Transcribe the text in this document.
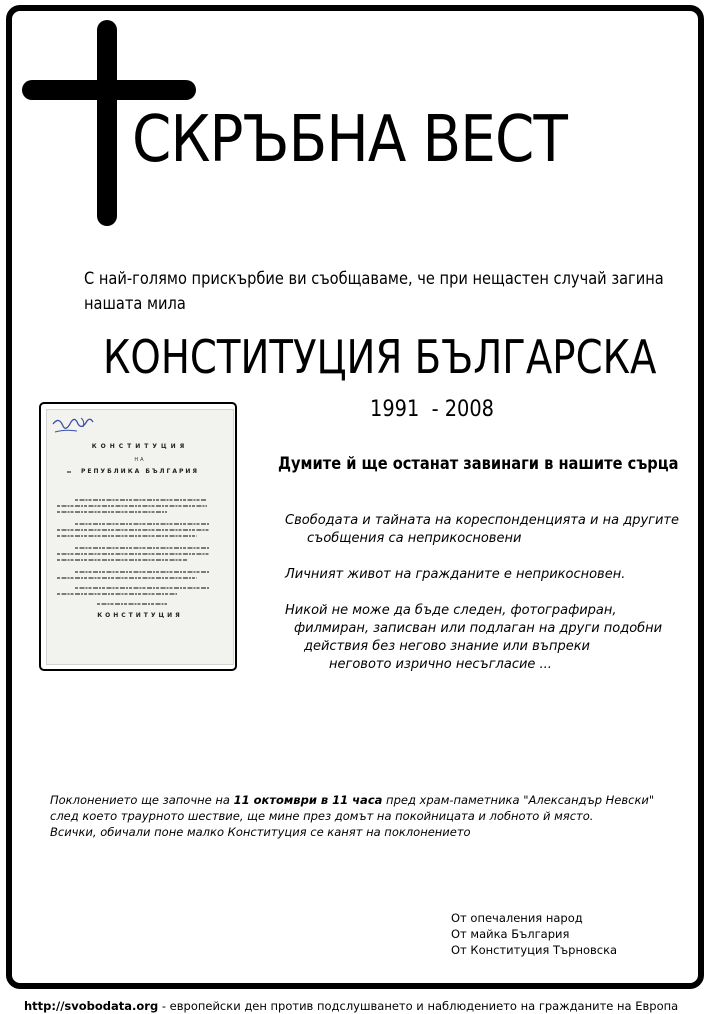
СКРЪБНА ВЕСТ
С най-голямо прискърбие ви съобщаваме, че при нещастен случай загина
нашата мила
КОНСТИТУЦИЯ БЪЛГАРСКА
1991  - 2008
Думите й ще останат завинаги в нашите сърца
КОНСТИТУЦИЯ
НА
РЕПУБЛИКА БЪЛГАРИЯ
КОНСТИТУЦИЯ
Свободата и тайната на кореспонденцията и на другите
съобщения са неприкосновени
Личният живот на гражданите е неприкосновен.
Никой не може да бъде следен, фотографиран,
филмиран, записван или подлаган на други подобни
действия без негово знание или въпреки
неговото изрично несъгласие ...
Поклонението ще започне на 11 октомври в 11 часа пред храм-паметника "Александър Невски"
след което траурното шествие, ще мине през домът на покойницата и лобното й място.
Всички, обичали поне малко Конституция се канят на поклонението
От опечалeния народ
От майка България
От Конституция Търновска
http://svobodata.org - европейски ден против подслушването и наблюдението на гражданите на Европа
